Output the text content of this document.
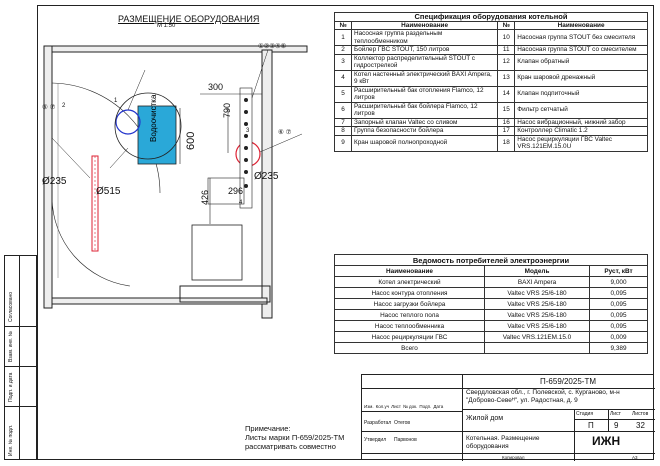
Согласовано
Взам. инв. №
Подп. и дата
Инв. № подл.
РАЗМЕЩЕНИЕ ОБОРУДОВАНИЯ
М 1:50
300
790
600
426 296
4
Водоочистка
Ø235
Ø515
Ø235
① ② ③ ④ ⑤
⑥ ⑦
⑥ ⑦
1
2
3
Спецификация оборудования котельной			
№	Наименование	№	Наименование
1	Насосная группа раздельным теплообменником	10	Насосная группа STOUT без смесителя
2	Бойлер ГВС STOUT, 150 литров	11	Насосная группа STOUT со смесителем
3	Коллектор распределительный STOUT с гидрострелкой	12	Клапан обратный
4	Котел настенный электрический BAXI Ampera, 9 кВт	13	Кран шаровой дренажный
5	Расширительный бак отопления Flamco, 12 литров	14	Клапан подпиточный
6	Расширительный бак бойлера Flamco, 12 литров	15	Фильтр сетчатый
7	Запорный клапан Valtec со сливом	16	Насос вибрационный, нижний забор
8	Группа безопасности бойлера	17	Контроллер Climatic 1.2
9	Кран шаровой полнопроходной	18	Насос рециркуляции ГВС Valtec VRS.121EM.15.0U
Ведомость потребителей электроэнергии		
Наименование	Модель	Руст, кВт
Котел электрический	BAXI Ampera	9,000
Насос контура отопления	Valtec VRS 25/6-180	0,095
Насос загрузки бойлера	Valtec VRS 25/6-180	0,095
Насос теплого пола	Valtec VRS 25/6-180	0,095
Насос теплообменника	Valtec VRS 25/6-180	0,095
Насос рециркуляции ГВС	Valtec VRS.121EM.15.0	0,009
Всего		9,389
П-659/2025-ТМ
Свердловская обл., г. Полевской, с. Курганово, м-н "Доброво-Севеᴴ", ул. Радостная, д. 9
Жилой дом
Котельная. Размещение оборудования
Стадия	Лист Листов
П	9 32
ИЖН
Изм. Кол.уч Лист № док. Подп. Дата
Разработал Отегов
Утвердил Парвонов
Копировал	А3
Примечание:
Листы марки П-659/2025-ТМ
рассматривать совместно
